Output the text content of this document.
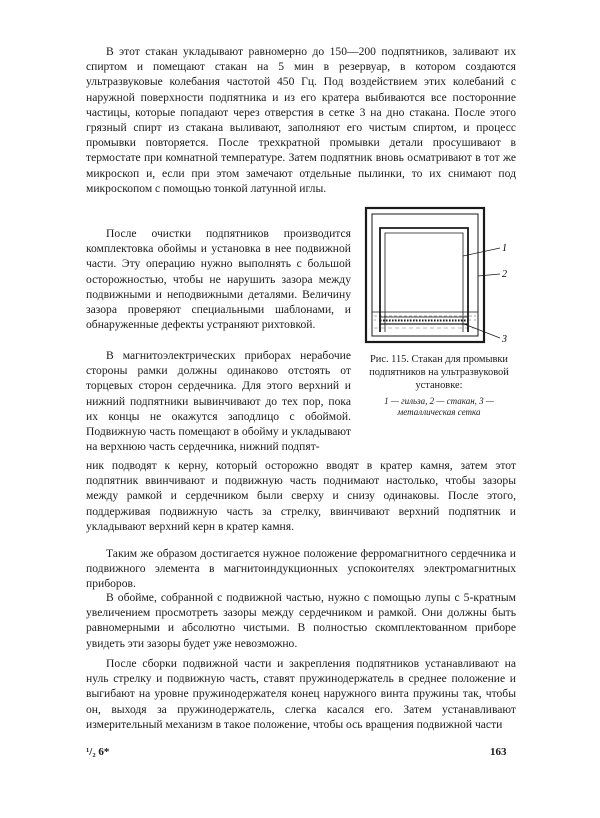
В этот стакан укладывают равномерно до 150—200 подпятников, заливают их спиртом и помещают стакан на 5 мин в резервуар, в котором создаются ультразвуковые колебания частотой 450 Гц. Под воздействием этих колебаний с наружной поверхности подпятника и из его кратера выбиваются все посторонние частицы, которые попадают через отверстия в сетке 3 на дно стакана. После этого грязный спирт из стакана выливают, заполняют его чистым спиртом, и процесс промывки повторяется. После трехкратной промывки детали просушивают в термостате при комнатной температуре. Затем подпятник вновь осматривают в тот же микроскоп и, если при этом замечают отдельные пылинки, то их снимают под микроскопом с помощью тонкой латунной иглы.

После очистки подпятников производится комплектовка обоймы и установка в нее подвижной части. Эту операцию нужно выполнять с большой осторожностью, чтобы не нарушить зазора между подвижными и неподвижными деталями. Величину зазора проверяют специальными шаблонами, и обнаруженные дефекты устраняют рихтовкой.

В магнитоэлектрических приборах нерабочие стороны рамки должны одинаково отстоять от торцевых сторон сердечника. Для этого верхний и нижний подпятники вывинчивают до тех пор, пока их концы не окажутся заподлицо с обоймой. Подвижную часть помещают в обойму и укладывают на верхнюю часть сердечника, нижний подпят-

ник подводят к керну, который осторожно вводят в кратер камня, затем этот подпятник ввинчивают и подвижную часть поднимают настолько, чтобы зазоры между рамкой и сердечником были сверху и снизу одинаковы. После этого, поддерживая подвижную часть за стрелку, ввинчивают верхний подпятник и укладывают верхний керн в кратер камня.

Таким же образом достигается нужное положение ферромагнитного сердечника и подвижного элемента в магнитоиндукционных успокоителях электромагнитных приборов.

В обойме, собранной с подвижной частью, нужно с помощью лупы с 5-кратным увеличением просмотреть зазоры между сердечником и рамкой. Они должны быть равномерными и абсолютно чистыми. В полностью скомплектованном приборе увидеть эти зазоры будет уже невозможно.

После сборки подвижной части и закрепления подпятников устанавливают на нуль стрелку и подвижную часть, ставят пружинодержатель в среднее положение и выгибают на уровне пружинодержателя конец наружного винта пружины так, чтобы он, выходя за пружинодержатель, слегка касался его. Затем устанавливают измерительный механизм в такое положение, чтобы ось вращения подвижной части

1
2
3
Рис. 115. Стакан для промывки подпятников на ультразвуковой установке:
1 — гильза, 2 — стакан, 3 — металлическая сетка
¹/₂ 6*	163
